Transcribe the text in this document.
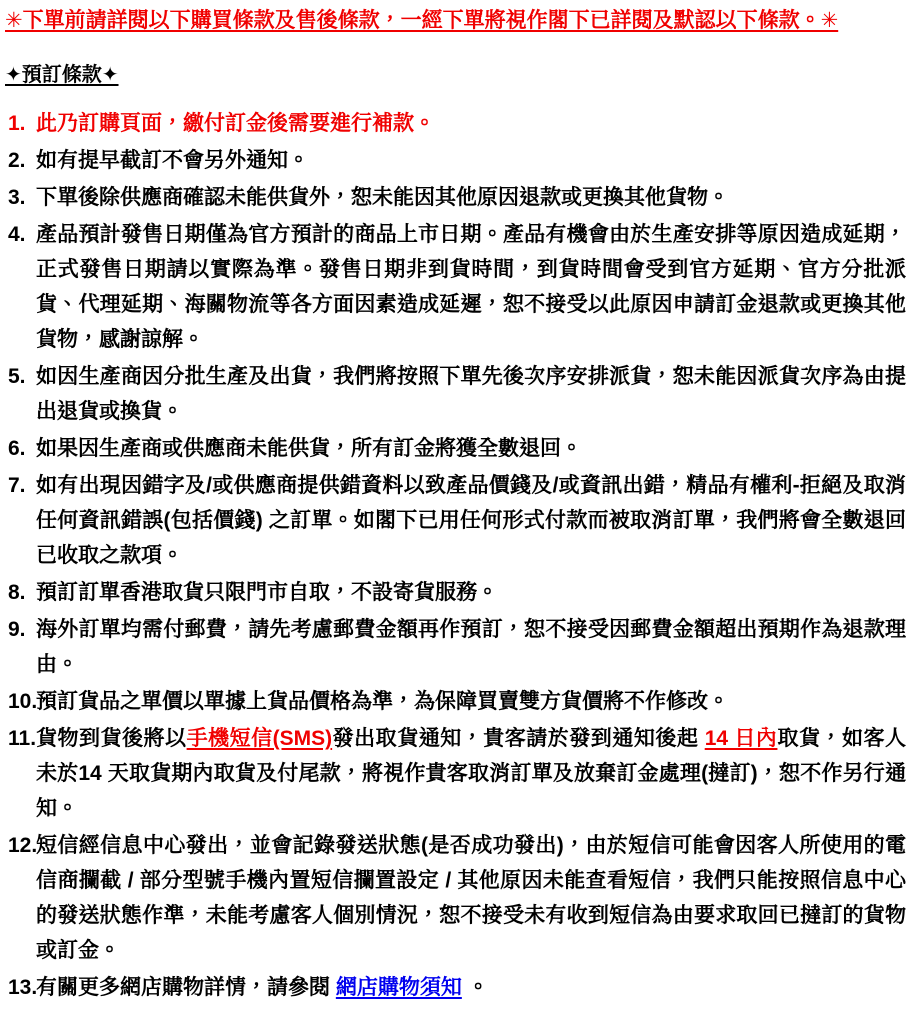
✳下單前請詳閱以下購買條款及售後條款，一經下單將視作閣下已詳閱及默認以下條款。✳

✦預訂條款✦
1. 此乃訂購頁面，繳付訂金後需要進行補款。
2. 如有提早截訂不會另外通知。
3. 下單後除供應商確認未能供貨外，恕未能因其他原因退款或更換其他貨物。
4. 產品預計發售日期僅為官方預計的商品上市日期。產品有機會由於生產安排等原因造成延期，正式發售日期請以實際為準。發售日期非到貨時間，到貨時間會受到官方延期、官方分批派貨、代理延期、海關物流等各方面因素造成延遲，恕不接受以此原因申請訂金退款或更換其他貨物，感謝諒解。
5. 如因生產商因分批生產及出貨，我們將按照下單先後次序安排派貨，恕未能因派貨次序為由提出退貨或換貨。
6. 如果因生產商或供應商未能供貨，所有訂金將獲全數退回。
7. 如有出現因錯字及/或供應商提供錯資料以致產品價錢及/或資訊出錯，精品有權利-拒絕及取消任何資訊錯誤(包括價錢) 之訂單。如閣下已用任何形式付款而被取消訂單，我們將會全數退回已收取之款項。
8. 預訂訂單香港取貨只限門市自取，不設寄貨服務。
9. 海外訂單均需付郵費，請先考慮郵費金額再作預訂，恕不接受因郵費金額超出預期作為退款理由。
10.
預訂貨品之單價以單據上貨品價格為準，為保障買賣雙方貨價將不作修改。
11. 貨物到貨後將以手機短信(SMS)發出取貨通知，貴客請於發到通知後起 14 日內取貨，如客人未於14 天取貨期內取貨及付尾款，將視作貴客取消訂單及放棄訂金處理(撻訂)，恕不作另行通知。
12.
短信經信息中心發出，並會記錄發送狀態(是否成功發出)，由於短信可能會因客人所使用的電信商攔截 / 部分型號手機內置短信攔置設定 / 其他原因未能查看短信，我們只能按照信息中心的發送狀態作準，未能考慮客人個別情況，恕不接受未有收到短信為由要求取回已撻訂的貨物或訂金。
13.
有關更多網店購物詳情，請參閱 網店購物須知 。
